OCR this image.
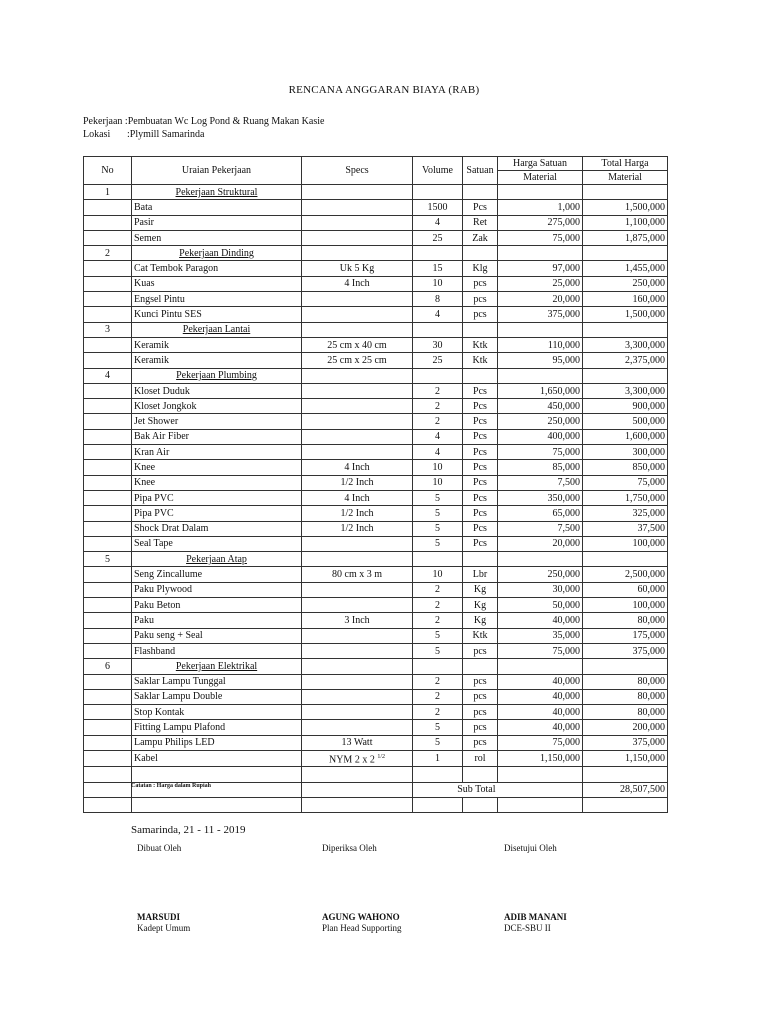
RENCANA ANGGARAN BIAYA (RAB)
Pekerjaan :Pembuatan Wc Log Pond & Ruang Makan Kasie
Lokasi :Plymill Samarinda
No	Uraian Pekerjaan	Specs	Volume	Satuan	Harga Satuan	Total Harga
					Material	Material
1	Pekerjaan Struktural					
	Bata		1500	Pcs	1,000	1,500,000
	Pasir		4	Ret	275,000	1,100,000
	Semen		25	Zak	75,000	1,875,000
2	Pekerjaan Dinding					
	Cat Tembok Paragon	Uk 5 Kg	15	Klg	97,000	1,455,000
	Kuas	4 Inch	10	pcs	25,000	250,000
	Engsel Pintu		8	pcs	20,000	160,000
	Kunci Pintu SES		4	pcs	375,000	1,500,000
3	Pekerjaan Lantai					
	Keramik	25 cm x 40 cm	30	Ktk	110,000	3,300,000
	Keramik	25 cm x 25 cm	25	Ktk	95,000	2,375,000
4	Pekerjaan Plumbing					
	Kloset Duduk		2	Pcs	1,650,000	3,300,000
	Kloset Jongkok		2	Pcs	450,000	900,000
	Jet Shower		2	Pcs	250,000	500,000
	Bak Air Fiber		4	Pcs	400,000	1,600,000
	Kran Air		4	Pcs	75,000	300,000
	Knee	4 Inch	10	Pcs	85,000	850,000
	Knee	1/2 Inch	10	Pcs	7,500	75,000
	Pipa PVC	4 Inch	5	Pcs	350,000	1,750,000
	Pipa PVC	1/2 Inch	5	Pcs	65,000	325,000
	Shock Drat Dalam	1/2 Inch	5	Pcs	7,500	37,500
	Seal Tape		5	Pcs	20,000	100,000
5	Pekerjaan Atap					
	Seng Zincallume	80 cm x 3 m	10	Lbr	250,000	2,500,000
	Paku Plywood		2	Kg	30,000	60,000
	Paku Beton		2	Kg	50,000	100,000
	Paku	3 Inch	2	Kg	40,000	80,000
	Paku seng + Seal		5	Ktk	35,000	175,000
	Flashband		5	pcs	75,000	375,000
6	Pekerjaan Elektrikal					
	Saklar Lampu Tunggal		2	pcs	40,000	80,000
	Saklar Lampu Double		2	pcs	40,000	80,000
	Stop Kontak		2	pcs	40,000	80,000
	Fitting Lampu Plafond		5	pcs	40,000	200,000
	Lampu Philips LED	13 Watt	5	pcs	75,000	375,000
	Kabel	NYM 2 x 2 $^{1/2}$	1	rol	1,150,000	1,150,000

			Sub Total			28,507,500

Catatan : Harga dalam Rupiah
Samarinda, 21 - 11 - 2019
Dibuat Oleh
MARSUDI
Kadept Umum
Diperiksa Oleh
AGUNG WAHONO
Plan Head Supporting
Disetujui Oleh
ADIB MANANI
DCE-SBU II
